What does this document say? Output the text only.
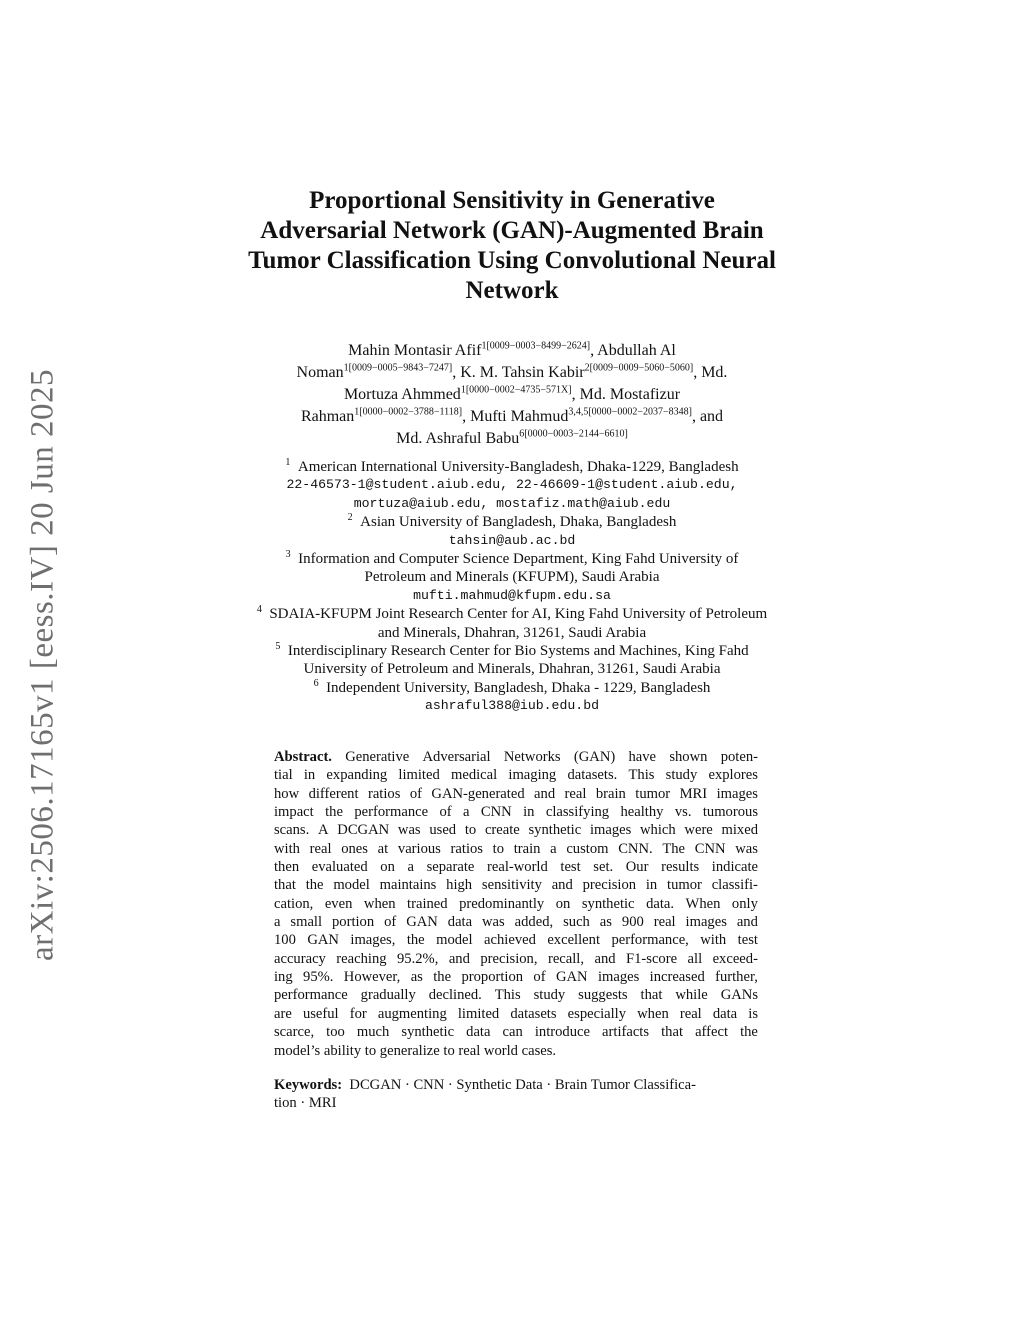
arXiv:2506.17165v1 [eess.IV] 20 Jun 2025
Proportional Sensitivity in Generative
Adversarial Network (GAN)-Augmented Brain
Tumor Classification Using Convolutional Neural
Network
Mahin Montasir Afif$^{1[0009-0003-8499-2624]}$, Abdullah Al
Noman$^{1[0009-0005-9843-7247]}$, K. M. Tahsin Kabir$^{2[0009-0009-5060-5060]}$, Md.
Mortuza Ahmmed$^{1[0000-0002-4735-571X]}$, Md. Mostafizur
Rahman$^{1[0000-0002-3788-1118]}$, Mufti Mahmud$^{3,4,5[0000-0002-2037-8348]}$, and
Md. Ashraful Babu$^{6[0000-0003-2144-6610]}$
$^1$ American International University-Bangladesh, Dhaka-1229, Bangladesh
22-46573-1@student.aiub.edu, 22-46609-1@student.aiub.edu,
mortuza@aiub.edu, mostafiz.math@aiub.edu
$^2$ Asian University of Bangladesh, Dhaka, Bangladesh
tahsin@aub.ac.bd
$^3$ Information and Computer Science Department, King Fahd University of
Petroleum and Minerals (KFUPM), Saudi Arabia
mufti.mahmud@kfupm.edu.sa
$^4$ SDAIA-KFUPM Joint Research Center for AI, King Fahd University of Petroleum
and Minerals, Dhahran, 31261, Saudi Arabia
$^5$ Interdisciplinary Research Center for Bio Systems and Machines, King Fahd
University of Petroleum and Minerals, Dhahran, 31261, Saudi Arabia
$^6$ Independent University, Bangladesh, Dhaka - 1229, Bangladesh
ashraful388@iub.edu.bd
Abstract. Generative Adversarial Networks (GAN) have shown poten-
tial in expanding limited medical imaging datasets. This study explores
how different ratios of GAN-generated and real brain tumor MRI images
impact the performance of a CNN in classifying healthy vs. tumorous
scans. A DCGAN was used to create synthetic images which were mixed
with real ones at various ratios to train a custom CNN. The CNN was
then evaluated on a separate real-world test set. Our results indicate
that the model maintains high sensitivity and precision in tumor classifi-
cation, even when trained predominantly on synthetic data. When only
a small portion of GAN data was added, such as 900 real images and
100 GAN images, the model achieved excellent performance, with test
accuracy reaching 95.2%, and precision, recall, and F1-score all exceed-
ing 95%. However, as the proportion of GAN images increased further,
performance gradually declined. This study suggests that while GANs
are useful for augmenting limited datasets especially when real data is
scarce, too much synthetic data can introduce artifacts that affect the
model’s ability to generalize to real world cases.
Keywords: DCGAN · CNN · Synthetic Data · Brain Tumor Classifica-
tion · MRI
